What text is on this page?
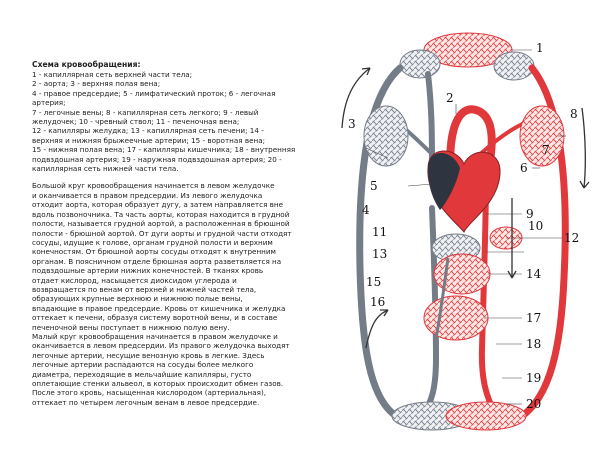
Схема кровообращения:
1 - капиллярная сеть верхней части тела;
2 - аорта; 3 - верхняя полая вена;
4 - правое предсердие; 5 - лимфатический проток; 6 - легочная
артерия;
7 - легочные вены; 8 - капиллярная сеть легкого; 9 - левый
желудочек; 10 - чревный ствол; 11 - печеночная вена;
12 - капилляры желудка; 13 - капиллярная сеть печени; 14 -
верхняя и нижняя брыжеечные артерии; 15 - воротная вена;
15 - нижняя полая вена; 17 - капилляры кишечника; 18 - внутренняя
подвздошная артерия; 19 - наружная подвздошная артерия; 20 -
капиллярная сеть нижней части тела.

Большой круг кровообращения начинается в левом желудочке
и оканчивается в правом предсердии. Из левого желудочка
отходит аорта, которая образует дугу, а затем направляется вне
вдоль позвоночника. Та часть аорты, которая находится в грудной
полости, называется грудной аортой, а расположенная в брюшной
полости - брюшной аортой. От дуги аорты и грудной части отходят
сосуды, идущие к голове, органам грудной полости и верхним
конечностям. От брюшной аорты сосуды отходят к внутренним
органам. В поясничном отделе брюшная аорта разветвляется на
подвздошные артерии нижних конечностей. В тканях кровь
отдает кислород, насыщается диоксидом углерода и
возвращается по венам от верхней и нижней частей тела,
образующих крупные верхнюю и нижнюю полые вены,
впадающие в правое предсердие. Кровь от кишечника и желудка
оттекает к печени, образуя систему воротной вены, и в составе
печеночной вены поступает в нижнюю полую вену.

Малый круг кровообращения начинается в правом желудочке и
оканчивается в левом предсердии. Из правого желудочка выходят
легочные артерии, несущие венозную кровь в легкие. Здесь
легочные артерии распадаются на сосуды более мелкого
диаметра, переходящие в мельчайшие капилляры, густо
оплетающие стенки альвеол, в которых происходит обмен газов.
После этого кровь, насыщенная кислородом (артериальная),
оттекает по четырем легочным венам в левое предсердие.

1
2
3
4
5
6
7
8
9
10
11	12
13
14
15
16
17
18
19
20
